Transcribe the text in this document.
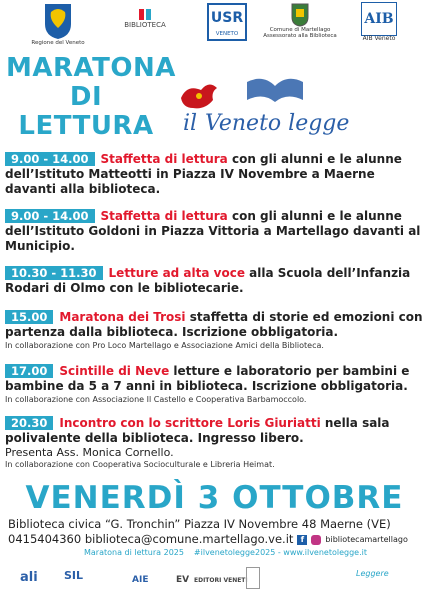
Regione del Veneto
BIBLIOTECA	USR
VENETO
Comune di Martellago
Assessorato alla Biblioteca
AIB
AIB Veneto
MARATONA
DI
LETTURA	il Veneto legge
9.00 - 14.00 Staffetta di lettura con gli alunni e le alunne dell’Istituto Matteotti in Piazza IV Novembre a Maerne davanti alla biblioteca.
9.00 - 14.00 Staffetta di lettura con gli alunni e le alunne dell’Istituto Goldoni in Piazza Vittoria a Martellago davanti al Municipio.
10.30 - 11.30 Letture ad alta voce alla Scuola dell’Infanzia Rodari di Olmo con le bibliotecarie.
15.00 Maratona dei Trosi staffetta di storie ed emozioni con partenza dalla biblioteca. Iscrizione obbligatoria.
In collaborazione con Pro Loco Martellago e Associazione Amici della Biblioteca.
17.00 Scintille di Neve letture e laboratorio per bambini e bambine da 5 a 7 anni in biblioteca. Iscrizione obbligatoria.
In collaborazione con Associazione Il Castello e Cooperativa Barbamoccolo.
20.30 Incontro con lo scrittore Loris Giuriatti nella sala polivalente della biblioteca. Ingresso libero.
Presenta Ass. Monica Cornello.
In collaborazione con Cooperativa Socioculturale e Libreria Heimat.
VENERDÌ 3 OTTOBRE
Biblioteca civica “G. Tronchin” Piazza IV Novembre 48 Maerne (VE)
0415404360 biblioteca@comune.martellago.ve.it f	bibliotecamartellago
Maratona di lettura 2025 #ilvenetolegge2025 - www.ilvenetolegge.it
ali SIL	AIE	EV EDITORI VENETI
Leggere
